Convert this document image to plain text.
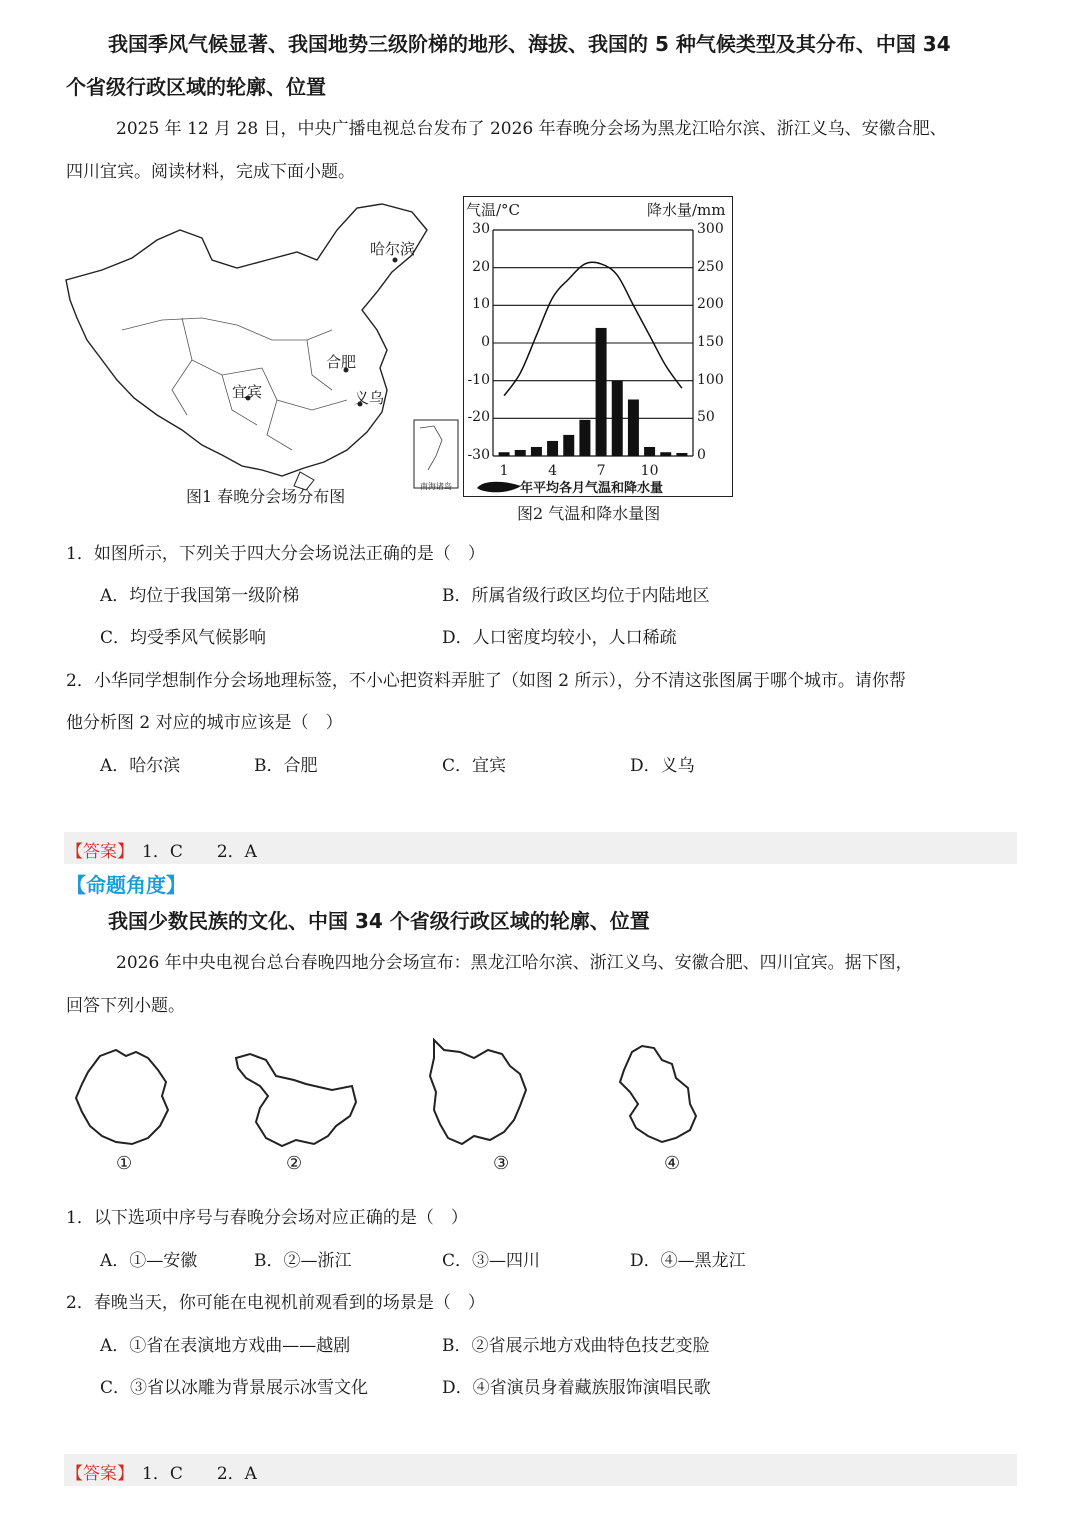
我国季风气候显著、我国地势三级阶梯的地形、海拔、我国的 5 种气候类型及其分布、中国 34
个省级行政区域的轮廓、位置
2025 年 12 月 28 日，中央广播电视总台发布了 2026 年春晚分会场为黑龙江哈尔滨、浙江义乌、安徽合肥、
四川宜宾。阅读材料，完成下面小题。
哈尔滨
合肥
宜宾	义乌
南海诸岛
图1 春晚分会场分布图
气温/°C	降水量/mm
30
20
10
0
-10
-20
-30
300
250
200
150
100
50
0
1	4	7	10
年平均各月气温和降水量
图2 气温和降水量图
1．如图所示，下列关于四大分会场说法正确的是（　）
A．均位于我国第一级阶梯	B．所属省级行政区均位于内陆地区
C．均受季风气候影响	D．人口密度均较小，人口稀疏
2．小华同学想制作分会场地理标签，不小心把资料弄脏了（如图 2 所示），分不清这张图属于哪个城市。请你帮
他分析图 2 对应的城市应该是（　）
A．哈尔滨	B．合肥	C．宜宾	D．义乌
【答案】 1．C　　2．A
【命题角度】
我国少数民族的文化、中国 34 个省级行政区域的轮廓、位置
2026 年中央电视台总台春晚四地分会场宣布：黑龙江哈尔滨、浙江义乌、安徽合肥、四川宜宾。据下图，
回答下列小题。
①	②	③	④
1．以下选项中序号与春晚分会场对应正确的是（　）
A．①—安徽	B．②—浙江	C．③—四川	D．④—黑龙江
2．春晚当天，你可能在电视机前观看到的场景是（　）
A．①省在表演地方戏曲——越剧	B．②省展示地方戏曲特色技艺变脸
C．③省以冰雕为背景展示冰雪文化	D．④省演员身着藏族服饰演唱民歌
【答案】 1．C　　2．A
